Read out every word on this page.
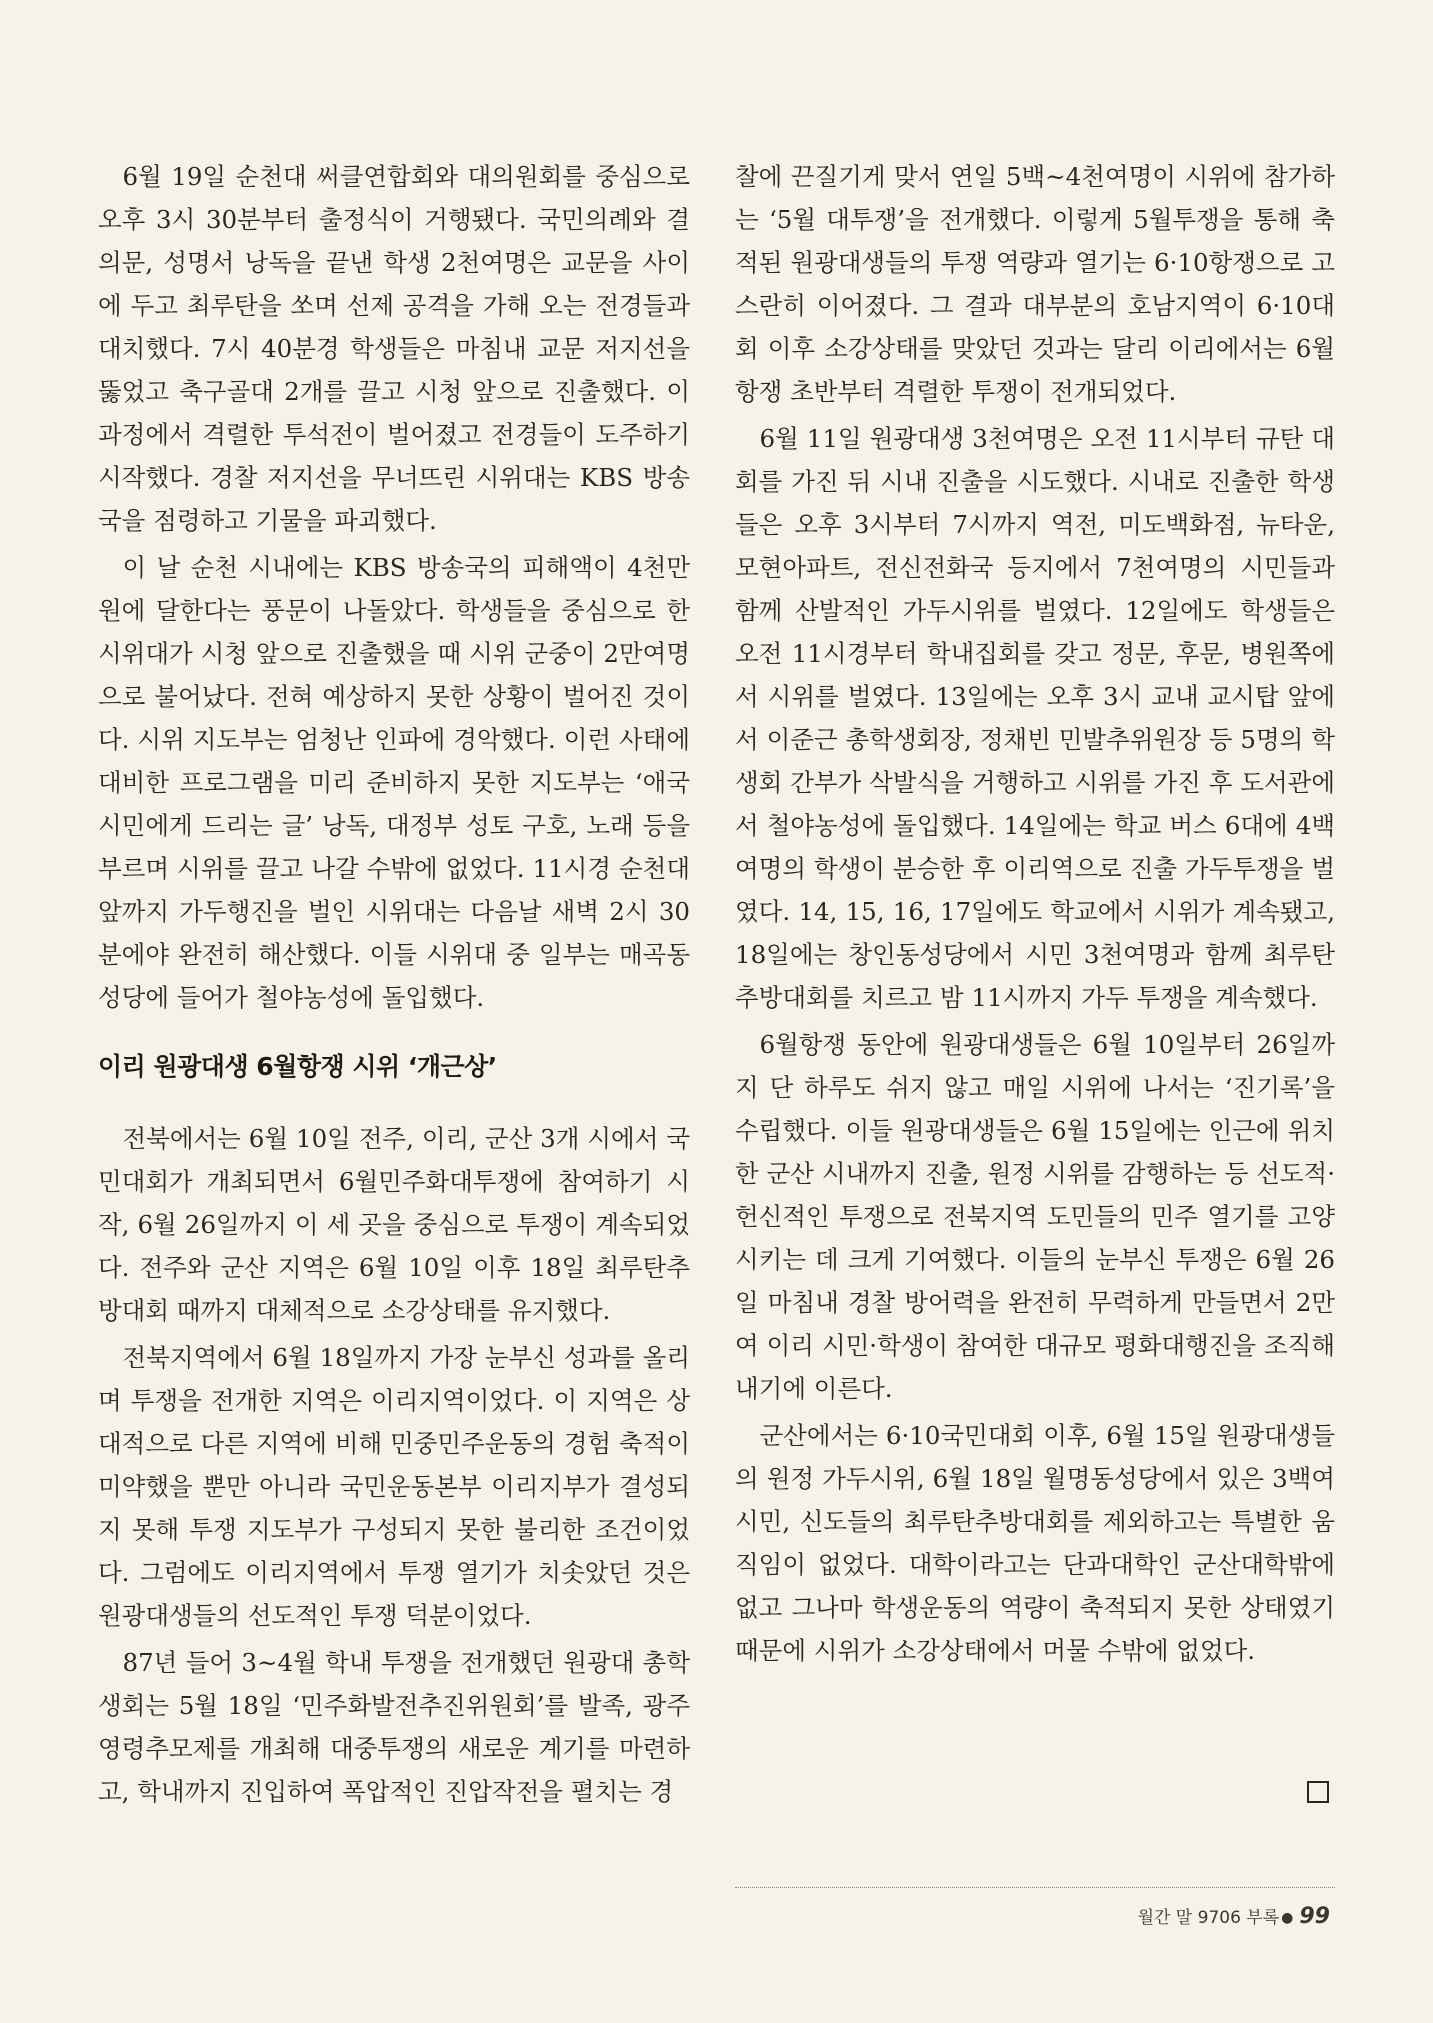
6월 19일 순천대 써클연합회와 대의원회를 중심으로 오후 3시 30분부터 출정식이 거행됐다. 국민의례와 결의문, 성명서 낭독을 끝낸 학생 2천여명은 교문을 사이에 두고 최루탄을 쏘며 선제 공격을 가해 오는 전경들과 대치했다. 7시 40분경 학생들은 마침내 교문 저지선을 뚫었고 축구골대 2개를 끌고 시청 앞으로 진출했다. 이 과정에서 격렬한 투석전이 벌어졌고 전경들이 도주하기 시작했다. 경찰 저지선을 무너뜨린 시위대는 KBS 방송국을 점령하고 기물을 파괴했다.

이 날 순천 시내에는 KBS 방송국의 피해액이 4천만원에 달한다는 풍문이 나돌았다. 학생들을 중심으로 한 시위대가 시청 앞으로 진출했을 때 시위 군중이 2만여명으로 불어났다. 전혀 예상하지 못한 상황이 벌어진 것이다. 시위 지도부는 엄청난 인파에 경악했다. 이런 사태에 대비한 프로그램을 미리 준비하지 못한 지도부는 ‘애국시민에게 드리는 글’ 낭독, 대정부 성토 구호, 노래 등을 부르며 시위를 끌고 나갈 수밖에 없었다. 11시경 순천대 앞까지 가두행진을 벌인 시위대는 다음날 새벽 2시 30분에야 완전히 해산했다. 이들 시위대 중 일부는 매곡동성당에 들어가 철야농성에 돌입했다.

이리 원광대생 6월항쟁 시위 ‘개근상’

전북에서는 6월 10일 전주, 이리, 군산 3개 시에서 국민대회가 개최되면서 6월민주화대투쟁에 참여하기 시작, 6월 26일까지 이 세 곳을 중심으로 투쟁이 계속되었다. 전주와 군산 지역은 6월 10일 이후 18일 최루탄추방대회 때까지 대체적으로 소강상태를 유지했다.

전북지역에서 6월 18일까지 가장 눈부신 성과를 올리며 투쟁을 전개한 지역은 이리지역이었다. 이 지역은 상대적으로 다른 지역에 비해 민중민주운동의 경험 축적이 미약했을 뿐만 아니라 국민운동본부 이리지부가 결성되지 못해 투쟁 지도부가 구성되지 못한 불리한 조건이었다. 그럼에도 이리지역에서 투쟁 열기가 치솟았던 것은 원광대생들의 선도적인 투쟁 덕분이었다.

87년 들어 3~4월 학내 투쟁을 전개했던 원광대 총학생회는 5월 18일 ‘민주화발전추진위원회’를 발족, 광주영령추모제를 개최해 대중투쟁의 새로운 계기를 마련하고, 학내까지 진입하여 폭압적인 진압작전을 펼치는 경

찰에 끈질기게 맞서 연일 5백~4천여명이 시위에 참가하는 ‘5월 대투쟁’을 전개했다. 이렇게 5월투쟁을 통해 축적된 원광대생들의 투쟁 역량과 열기는 6·10항쟁으로 고스란히 이어졌다. 그 결과 대부분의 호남지역이 6·10대회 이후 소강상태를 맞았던 것과는 달리 이리에서는 6월항쟁 초반부터 격렬한 투쟁이 전개되었다.

6월 11일 원광대생 3천여명은 오전 11시부터 규탄 대회를 가진 뒤 시내 진출을 시도했다. 시내로 진출한 학생들은 오후 3시부터 7시까지 역전, 미도백화점, 뉴타운, 모현아파트, 전신전화국 등지에서 7천여명의 시민들과 함께 산발적인 가두시위를 벌였다. 12일에도 학생들은 오전 11시경부터 학내집회를 갖고 정문, 후문, 병원쪽에서 시위를 벌였다. 13일에는 오후 3시 교내 교시탑 앞에서 이준근 총학생회장, 정채빈 민발추위원장 등 5명의 학생회 간부가 삭발식을 거행하고 시위를 가진 후 도서관에서 철야농성에 돌입했다. 14일에는 학교 버스 6대에 4백여명의 학생이 분승한 후 이리역으로 진출 가두투쟁을 벌였다. 14, 15, 16, 17일에도 학교에서 시위가 계속됐고, 18일에는 창인동성당에서 시민 3천여명과 함께 최루탄추방대회를 치르고 밤 11시까지 가두 투쟁을 계속했다.

6월항쟁 동안에 원광대생들은 6월 10일부터 26일까지 단 하루도 쉬지 않고 매일 시위에 나서는 ‘진기록’을 수립했다. 이들 원광대생들은 6월 15일에는 인근에 위치한 군산 시내까지 진출, 원정 시위를 감행하는 등 선도적·헌신적인 투쟁으로 전북지역 도민들의 민주 열기를 고양시키는 데 크게 기여했다. 이들의 눈부신 투쟁은 6월 26일 마침내 경찰 방어력을 완전히 무력하게 만들면서 2만여 이리 시민·학생이 참여한 대규모 평화대행진을 조직해 내기에 이른다.

군산에서는 6·10국민대회 이후, 6월 15일 원광대생들의 원정 가두시위, 6월 18일 월명동성당에서 있은 3백여 시민, 신도들의 최루탄추방대회를 제외하고는 특별한 움직임이 없었다. 대학이라고는 단과대학인 군산대학밖에 없고 그나마 학생운동의 역량이 축적되지 못한 상태였기 때문에 시위가 소강상태에서 머물 수밖에 없었다.

월간 말 9706 부록 ● 99
